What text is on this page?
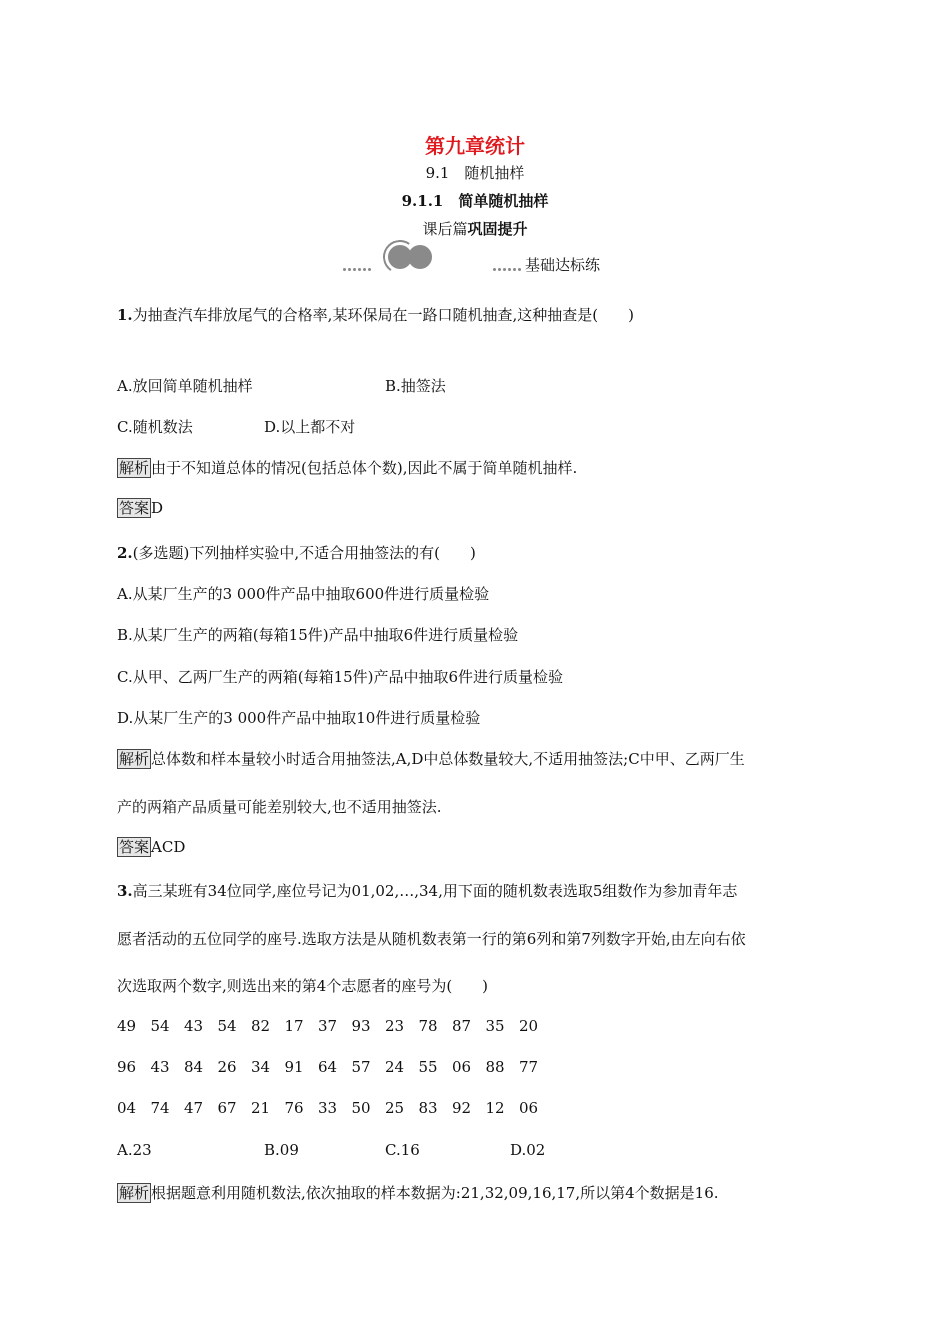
第九章统计
9.1　随机抽样
9.1.1　简单随机抽样
课后篇巩固提升
基础达标练
1.为抽查汽车排放尾气的合格率,某环保局在一路口随机抽查,这种抽查是(　　)
A.放回简单随机抽样	B.抽签法
C.随机数法	D.以上都不对
解析 由于不知道总体的情况(包括总体个数),因此不属于简单随机抽样.
答案 D
2.(多选题)下列抽样实验中,不适合用抽签法的有(　　)
A.从某厂生产的3 000件产品中抽取600件进行质量检验
B.从某厂生产的两箱(每箱15件)产品中抽取6件进行质量检验
C.从甲、乙两厂生产的两箱(每箱15件)产品中抽取6件进行质量检验
D.从某厂生产的3 000件产品中抽取10件进行质量检验
解析 总体数和样本量较小时适合用抽签法,A,D中总体数量较大,不适用抽签法;C中甲、乙两厂生
产的两箱产品质量可能差别较大,也不适用抽签法.
答案 ACD
3.高三某班有34位同学,座位号记为01,02,…,34,用下面的随机数表选取5组数作为参加青年志
愿者活动的五位同学的座号.选取方法是从随机数表第一行的第6列和第7列数字开始,由左向右依
次选取两个数字,则选出来的第4个志愿者的座号为(　　)
49 54 43 54 82 17 37 93 23 78 87 35 20
96 43 84 26 34 91 64 57 24 55 06 88 77
04 74 47 67 21 76 33 50 25 83 92 12 06
A.23	B.09	C.16	D.02
解析 根据题意利用随机数法,依次抽取的样本数据为:21,32,09,16,17,所以第4个数据是16.
